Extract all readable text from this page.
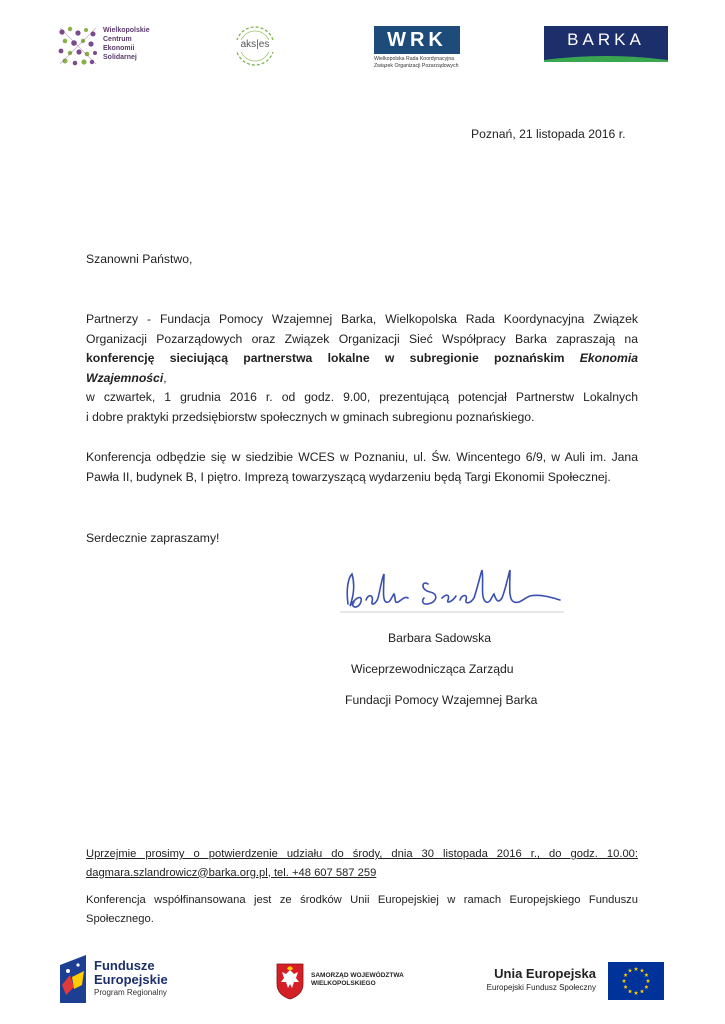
Wielkopolskie
Centrum
Ekonomii
Solidarnej
aks|es	WRK
Wielkopolska Rada Koordynacyjna
Związek Organizacji Pozarządowych
BARKA
Poznań, 21 listopada 2016 r.
Szanowni Państwo,
Partnerzy - Fundacja Pomocy Wzajemnej Barka, Wielkopolska Rada Koordynacyjna Związek
Organizacji Pozarządowych oraz Związek Organizacji Sieć Współpracy Barka zapraszają na
konferencję sieciującą partnerstwa lokalne w subregionie poznańskim Ekonomia Wzajemności,
w czwartek, 1 grudnia 2016 r. od godz. 9.00, prezentującą potencjał Partnerstw Lokalnych
i dobre praktyki przedsiębiorstw społecznych w gminach subregionu poznańskiego.
Konferencja odbędzie się w siedzibie WCES w Poznaniu, ul. Św. Wincentego 6/9, w Auli im. Jana
Pawła II, budynek B, I piętro. Imprezą towarzyszącą wydarzeniu będą Targi Ekonomii Społecznej.
Serdecznie zapraszamy!
Barbara Sadowska
Wiceprzewodnicząca Zarządu
Fundacji Pomocy Wzajemnej Barka
Uprzejmie prosimy o potwierdzenie udziału do środy, dnia 30 listopada 2016 r., do godz. 10.00:
dagmara.szlandrowicz@barka.org.pl, tel. +48 607 587 259
Konferencja współfinansowana jest ze środków Unii Europejskiej w ramach Europejskiego Funduszu
Społecznego.
Fundusze
Europejskie
Program Regionalny
SAMORZĄD WOJEWÓDZTWA
WIELKOPOLSKIEGO
Unia Europejska
Europejski Fundusz Społeczny
